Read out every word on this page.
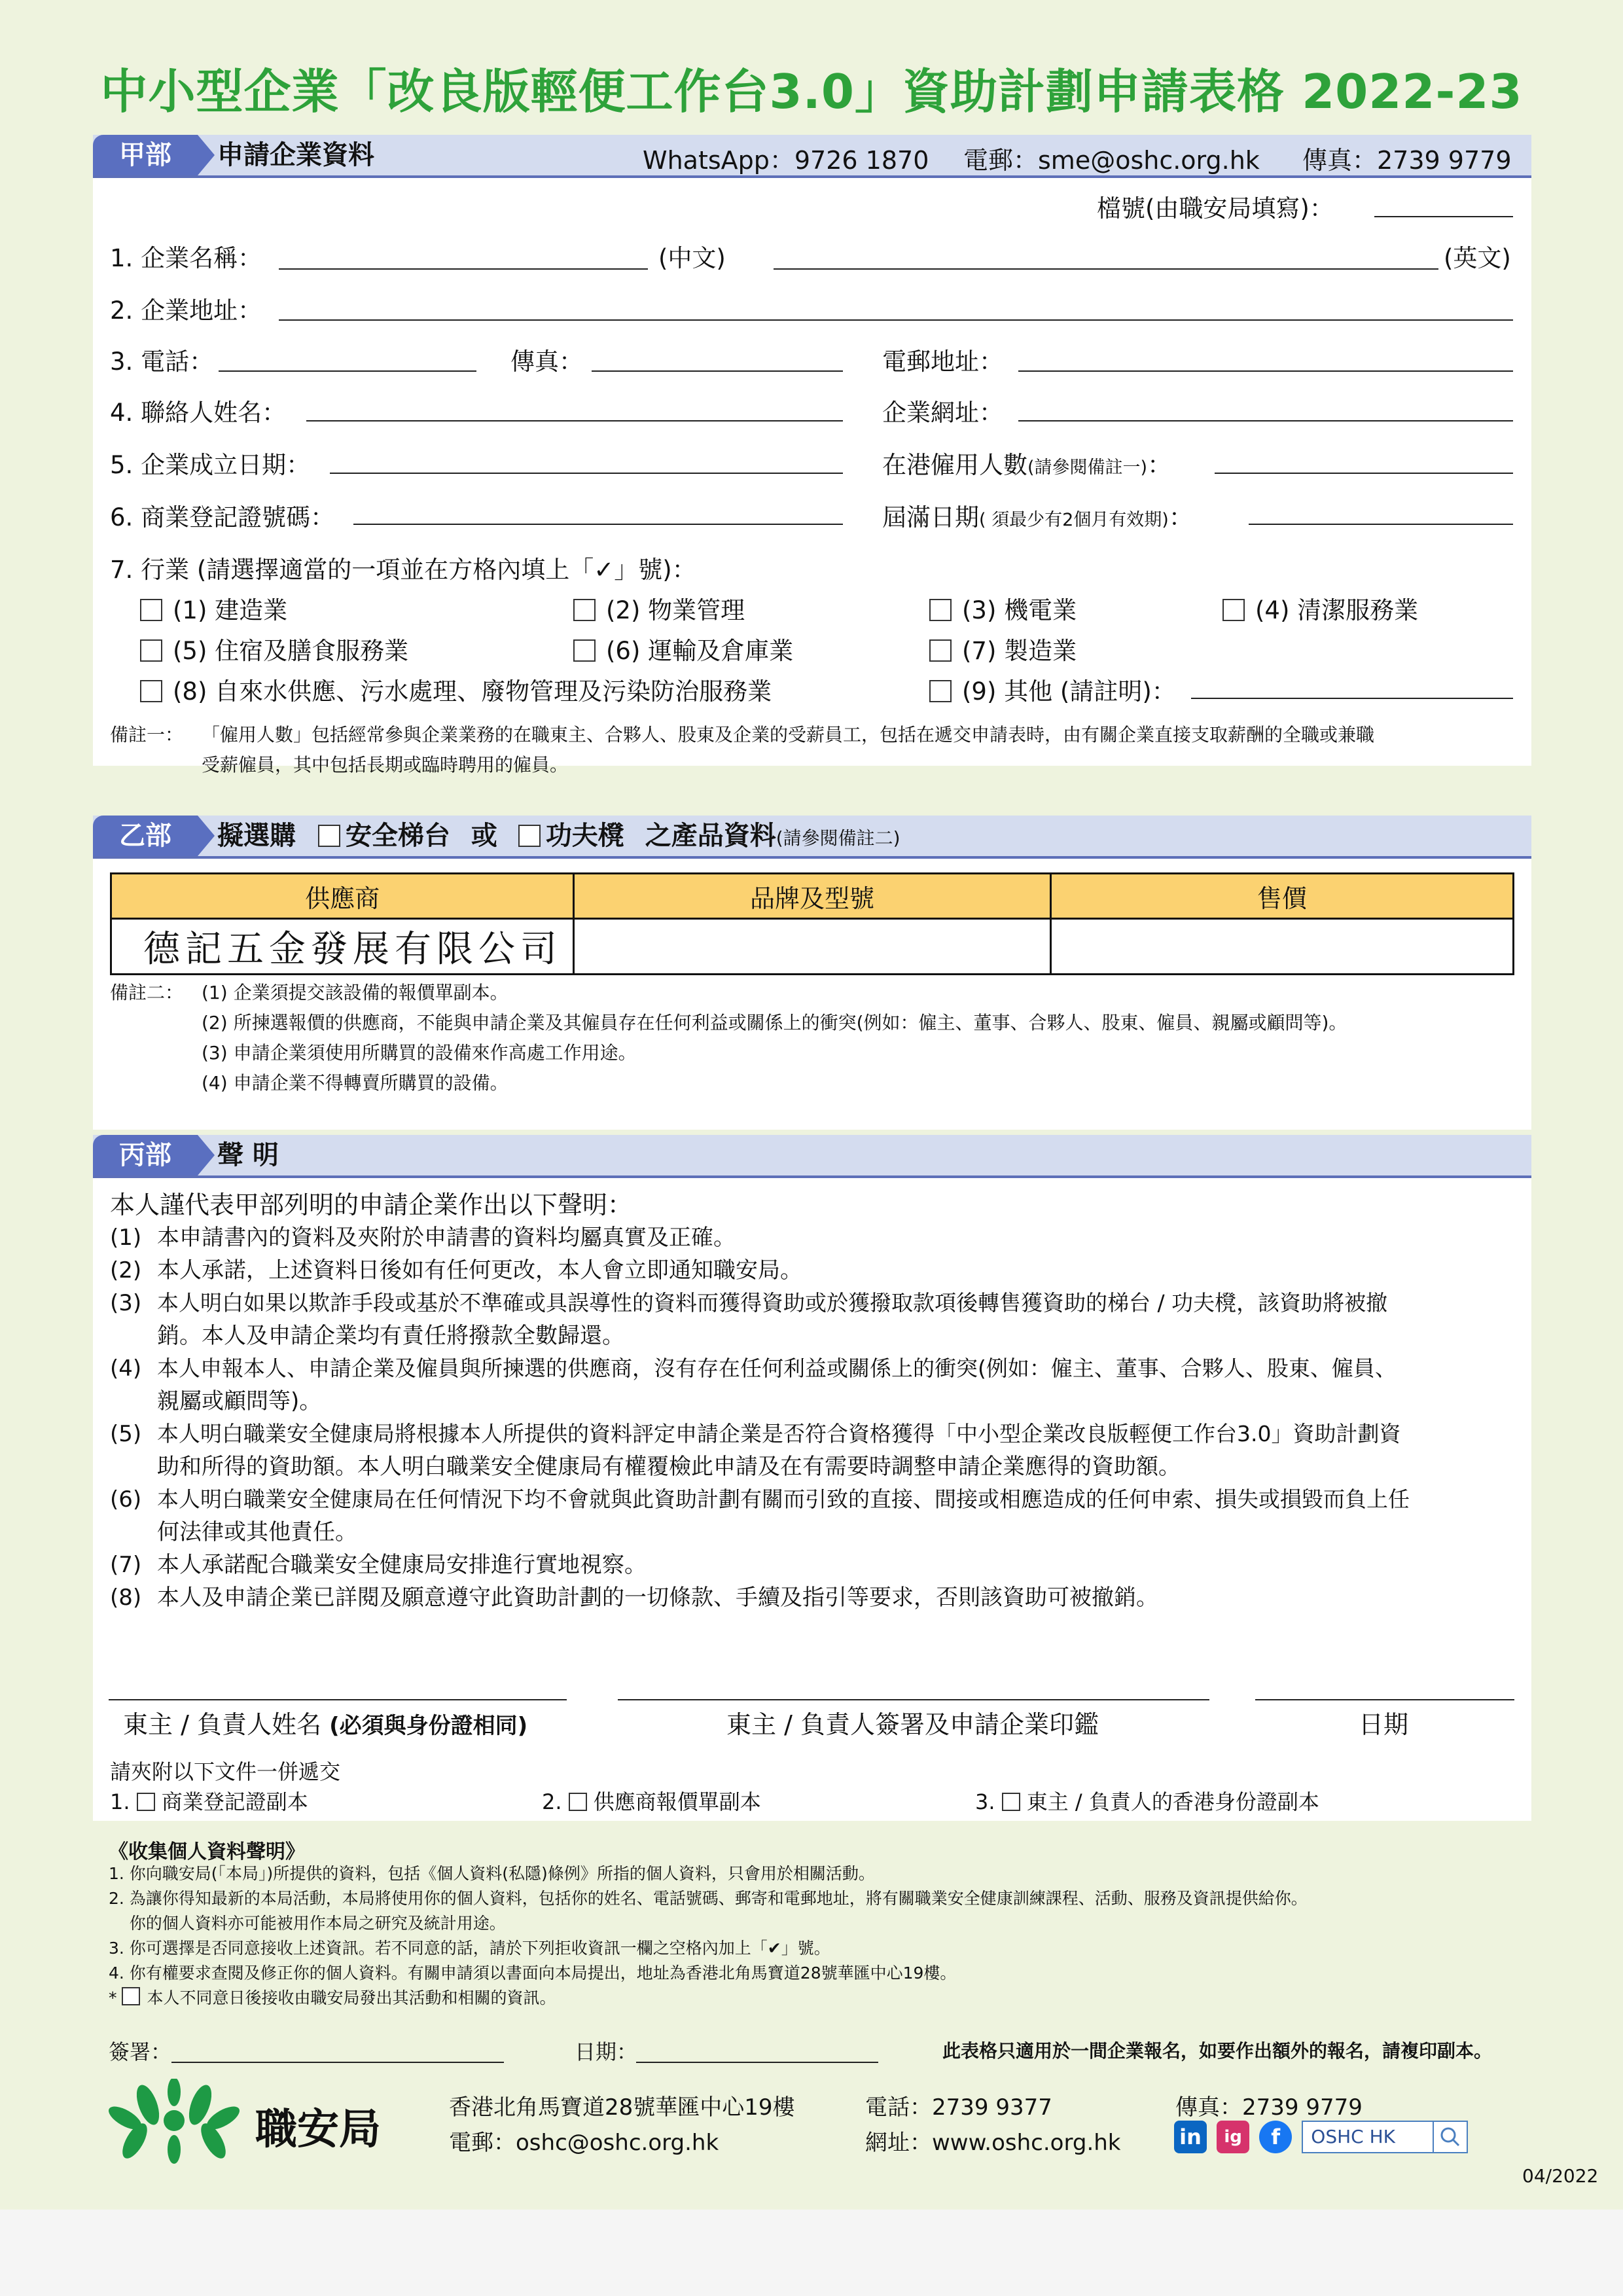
中小型企業「改良版輕便工作台3.0」資助計劃申請表格 2022-23
甲部	申請企業資料	WhatsApp：9726 1870 電郵：sme@oshc.org.hk 傳真：2739 9779
檔號(由職安局填寫)：
1. 企業名稱：	(中文)	(英文)
2. 企業地址：
3. 電話：	傳真：	電郵地址：
4. 聯絡人姓名：	企業網址：
5. 企業成立日期：	在港僱用人數(請參閱備註一)：
6. 商業登記證號碼：	屆滿日期( 須最少有2個月有效期)：
7. 行業 (請選擇適當的一項並在方格內填上「✓」號)：
(1) 建造業	(2) 物業管理	(3) 機電業	(4) 清潔服務業
(5) 住宿及膳食服務業	(6) 運輸及倉庫業	(7) 製造業
(8) 自來水供應、污水處理、廢物管理及污染防治服務業	(9) 其他 (請註明)：
備註一： 「僱用人數」包括經常參與企業業務的在職東主、合夥人、股東及企業的受薪員工，包括在遞交申請表時，由有關企業直接支取薪酬的全職或兼職
受薪僱員，其中包括長期或臨時聘用的僱員。
乙部	擬選購 安全梯台 或 功夫櫈 之產品資料(請參閱備註二)
供應商	品牌及型號	售價
德記五金發展有限公司		
備註二： (1) 企業須提交該設備的報價單副本。
(2) 所揀選報價的供應商，不能與申請企業及其僱員存在任何利益或關係上的衝突(例如：僱主、董事、合夥人、股東、僱員、親屬或顧問等)。
(3) 申請企業須使用所購買的設備來作高處工作用途。
(4) 申請企業不得轉賣所購買的設備。
丙部	聲 明
本人謹代表甲部列明的申請企業作出以下聲明：
(1) 本申請書內的資料及夾附於申請書的資料均屬真實及正確。
(2) 本人承諾，上述資料日後如有任何更改，本人會立即通知職安局。
(3) 本人明白如果以欺詐手段或基於不準確或具誤導性的資料而獲得資助或於獲撥取款項後轉售獲資助的梯台 / 功夫櫈，該資助將被撤
銷。本人及申請企業均有責任將撥款全數歸還。
(4) 本人申報本人、申請企業及僱員與所揀選的供應商，沒有存在任何利益或關係上的衝突(例如：僱主、董事、合夥人、股東、僱員、
親屬或顧問等)。
(5) 本人明白職業安全健康局將根據本人所提供的資料評定申請企業是否符合資格獲得「中小型企業改良版輕便工作台3.0」資助計劃資
助和所得的資助額。本人明白職業安全健康局有權覆檢此申請及在有需要時調整申請企業應得的資助額。
(6) 本人明白職業安全健康局在任何情況下均不會就與此資助計劃有關而引致的直接、間接或相應造成的任何申索、損失或損毀而負上任
何法律或其他責任。
(7) 本人承諾配合職業安全健康局安排進行實地視察。
(8) 本人及申請企業已詳閱及願意遵守此資助計劃的一切條款、手續及指引等要求，否則該資助可被撤銷。
東主 / 負責人姓名 (必須與身份證相同)	東主 / 負責人簽署及申請企業印鑑	日期
請夾附以下文件一併遞交
1. 商業登記證副本	2. 供應商報價單副本	3. 東主 / 負責人的香港身份證副本
《收集個人資料聲明》
1. 你向職安局(「本局」)所提供的資料，包括《個人資料(私隱)條例》所指的個人資料，只會用於相關活動。
2. 為讓你得知最新的本局活動，本局將使用你的個人資料，包括你的姓名、電話號碼、郵寄和電郵地址，將有關職業安全健康訓練課程、活動、服務及資訊提供給你。
你的個人資料亦可能被用作本局之研究及統計用途。
3. 你可選擇是否同意接收上述資訊。若不同意的話，請於下列拒收資訊一欄之空格內加上「✔」號。
4. 你有權要求查閱及修正你的個人資料。有關申請須以書面向本局提出，地址為香港北角馬寶道28號華匯中心19樓。
* 本人不同意日後接收由職安局發出其活動和相關的資訊。
簽署：	日期：	此表格只適用於一間企業報名，如要作出額外的報名，請複印副本。
職安局	香港北角馬寶道28號華匯中心19樓
電郵：oshc@oshc.org.hk
電話：2739 9377
網址：www.oshc.org.hk
傳真：2739 9779
in ig f OSHC HK
04/2022
